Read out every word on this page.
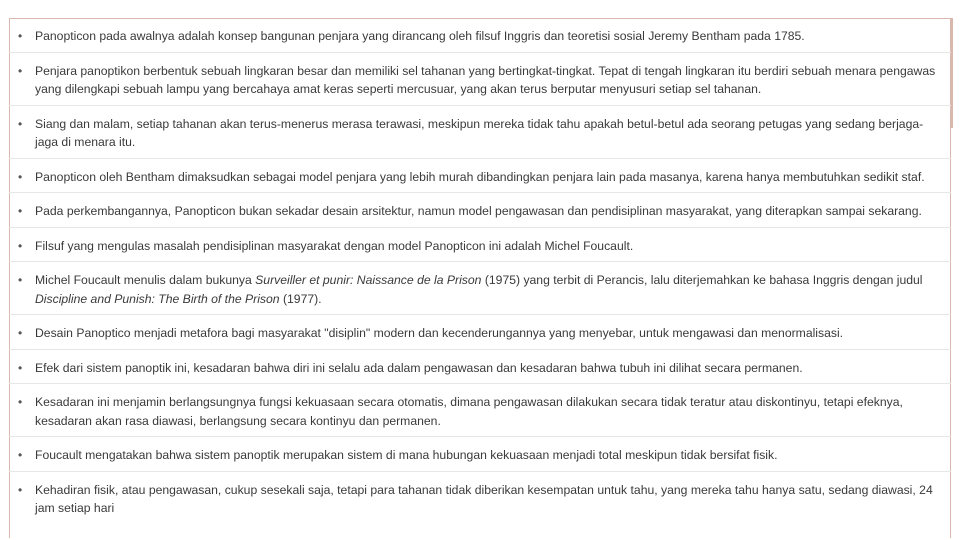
• Panopticon pada awalnya adalah konsep bangunan penjara yang dirancang oleh filsuf Inggris dan teoretisi sosial Jeremy Bentham pada 1785.
• Penjara panoptikon berbentuk sebuah lingkaran besar dan memiliki sel tahanan yang bertingkat-tingkat. Tepat di tengah lingkaran itu berdiri sebuah menara pengawas yang dilengkapi sebuah lampu yang bercahaya amat keras seperti mercusuar, yang akan terus berputar menyusuri setiap sel tahanan.
• Siang dan malam, setiap tahanan akan terus-menerus merasa terawasi, meskipun mereka tidak tahu apakah betul-betul ada seorang petugas yang sedang berjaga-jaga di menara itu.
• Panopticon oleh Bentham dimaksudkan sebagai model penjara yang lebih murah dibandingkan penjara lain pada masanya, karena hanya membutuhkan sedikit staf.
• Pada perkembangannya, Panopticon bukan sekadar desain arsitektur, namun model pengawasan dan pendisiplinan masyarakat, yang diterapkan sampai sekarang.
• Filsuf yang mengulas masalah pendisiplinan masyarakat dengan model Panopticon ini adalah Michel Foucault.
• Michel Foucault menulis dalam bukunya Surveiller et punir: Naissance de la Prison (1975) yang terbit di Perancis, lalu diterjemahkan ke bahasa Inggris dengan judul Discipline and Punish: The Birth of the Prison (1977).
• Desain Panoptico menjadi metafora bagi masyarakat "disiplin" modern dan kecenderungannya yang menyebar, untuk mengawasi dan menormalisasi.
• Efek dari sistem panoptik ini, kesadaran bahwa diri ini selalu ada dalam pengawasan dan kesadaran bahwa tubuh ini dilihat secara permanen.
• Kesadaran ini menjamin berlangsungnya fungsi kekuasaan secara otomatis, dimana pengawasan dilakukan secara tidak teratur atau diskontinyu, tetapi efeknya, kesadaran akan rasa diawasi, berlangsung secara kontinyu dan permanen.
• Foucault mengatakan bahwa sistem panoptik merupakan sistem di mana hubungan kekuasaan menjadi total meskipun tidak bersifat fisik.
• Kehadiran fisik, atau pengawasan, cukup sesekali saja, tetapi para tahanan tidak diberikan kesempatan untuk tahu, yang mereka tahu hanya satu, sedang diawasi, 24 jam setiap hari
